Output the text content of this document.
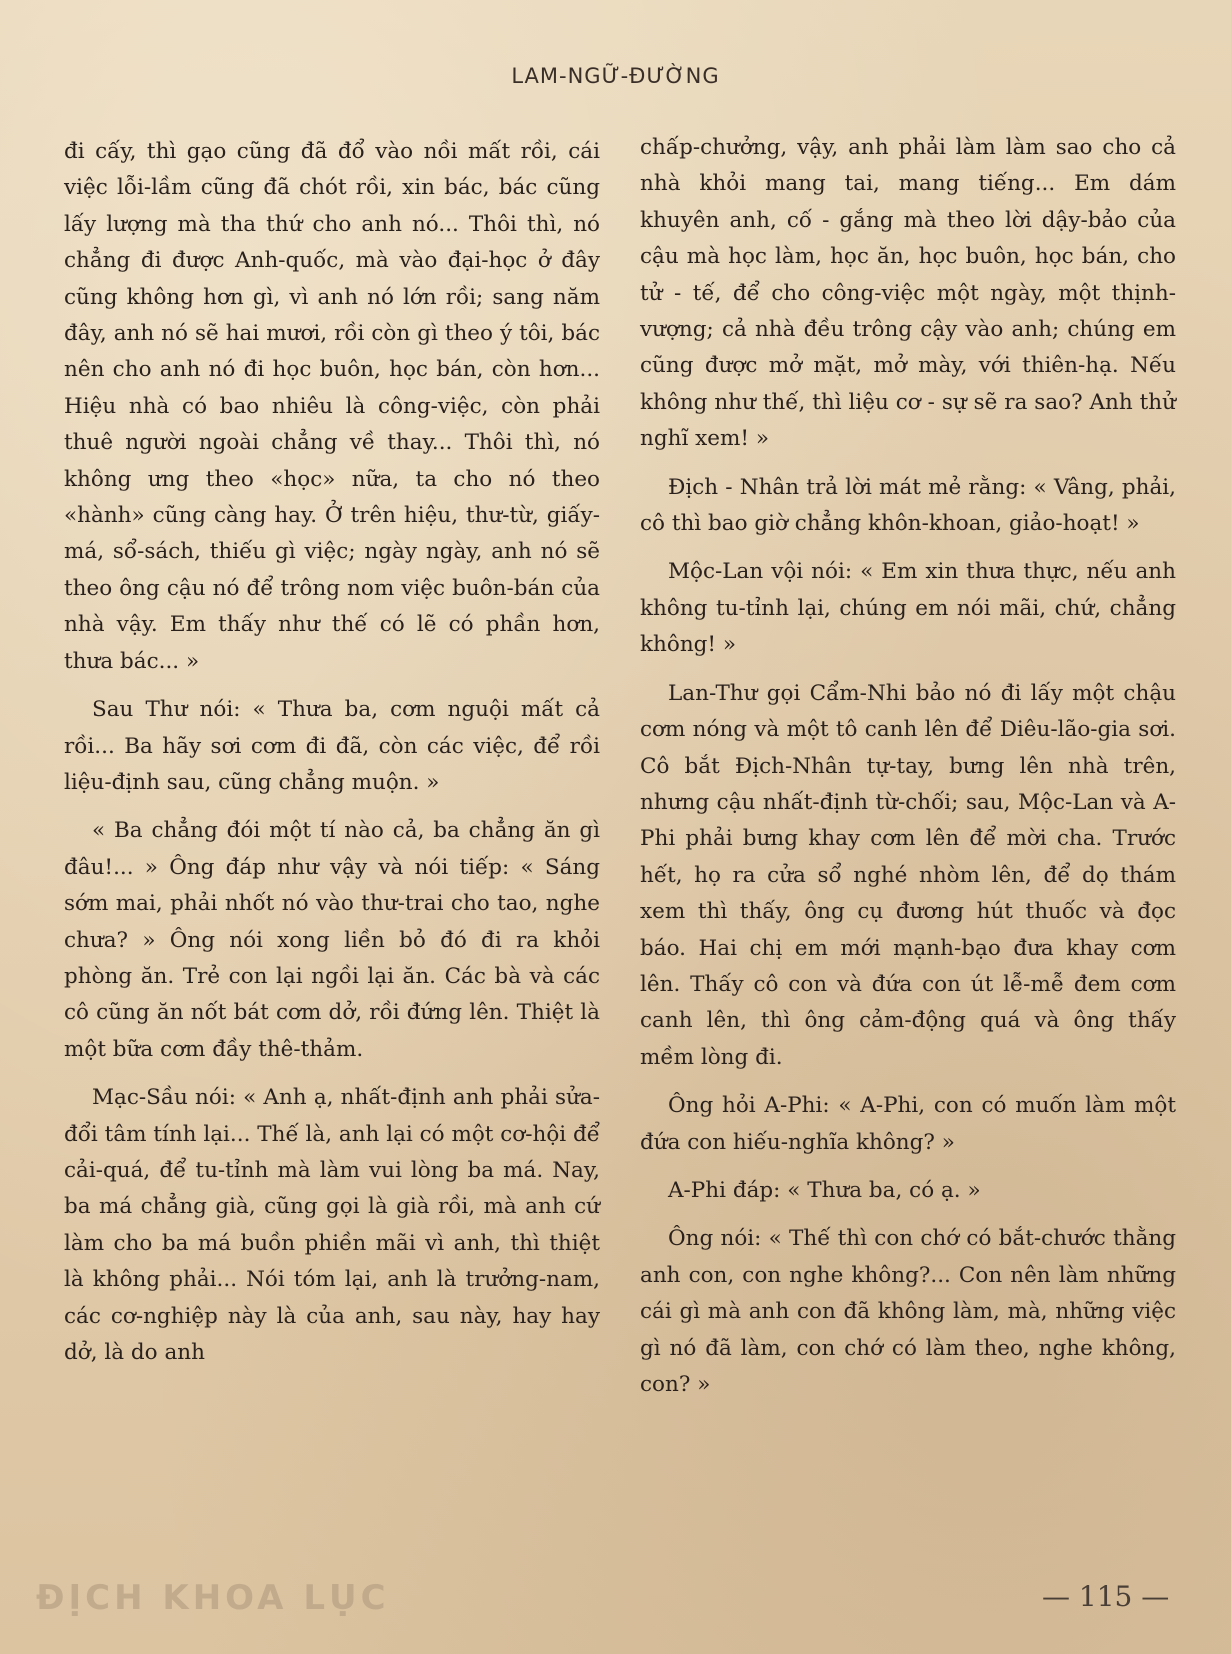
LAM-NGỮ-ĐƯỜNG

đi cấy, thì gạo cũng đã đổ vào nồi mất rồi, cái việc lỗi-lầm cũng đã chót rồi, xin bác, bác cũng lấy lượng mà tha thứ cho anh nó... Thôi thì, nó chẳng đi được Anh-quốc, mà vào đại-học ở đây cũng không hơn gì, vì anh nó lớn rồi; sang năm đây, anh nó sẽ hai mươi, rồi còn gì theo ý tôi, bác nên cho anh nó đi học buôn, học bán, còn hơn... Hiệu nhà có bao nhiêu là công-việc, còn phải thuê người ngoài chẳng về thay... Thôi thì, nó không ưng theo «học» nữa, ta cho nó theo «hành» cũng càng hay. Ở trên hiệu, thư-từ, giấy-má, sổ-sách, thiếu gì việc; ngày ngày, anh nó sẽ theo ông cậu nó để trông nom việc buôn-bán của nhà vậy. Em thấy như thế có lẽ có phần hơn, thưa bác... »

Sau Thư nói: « Thưa ba, cơm nguội mất cả rồi... Ba hãy sơi cơm đi đã, còn các việc, để rồi liệu-định sau, cũng chẳng muộn. »

« Ba chẳng đói một tí nào cả, ba chẳng ăn gì đâu!... » Ông đáp như vậy và nói tiếp: « Sáng sớm mai, phải nhốt nó vào thư-trai cho tao, nghe chưa? » Ông nói xong liền bỏ đó đi ra khỏi phòng ăn. Trẻ con lại ngồi lại ăn. Các bà và các cô cũng ăn nốt bát cơm dở, rồi đứng lên. Thiệt là một bữa cơm đầy thê-thảm.

Mạc-Sầu nói: « Anh ạ, nhất-định anh phải sửa-đổi tâm tính lại... Thế là, anh lại có một cơ-hội để cải-quá, để tu-tỉnh mà làm vui lòng ba má. Nay, ba má chẳng già, cũng gọi là già rồi, mà anh cứ làm cho ba má buồn phiền mãi vì anh, thì thiệt là không phải... Nói tóm lại, anh là trưởng-nam, các cơ-nghiệp này là của anh, sau này, hay hay dở, là do anh

chấp-chưởng, vậy, anh phải làm làm sao cho cả nhà khỏi mang tai, mang tiếng... Em dám khuyên anh, cố - gắng mà theo lời dậy-bảo của cậu mà học làm, học ăn, học buôn, học bán, cho tử - tế, để cho công-việc một ngày, một thịnh-vượng; cả nhà đều trông cậy vào anh; chúng em cũng được mở mặt, mở mày, với thiên-hạ. Nếu không như thế, thì liệu cơ - sự sẽ ra sao? Anh thử nghĩ xem! »

Địch - Nhân trả lời mát mẻ rằng: « Vâng, phải, cô thì bao giờ chẳng khôn-khoan, giảo-hoạt! »

Mộc-Lan vội nói: « Em xin thưa thực, nếu anh không tu-tỉnh lại, chúng em nói mãi, chứ, chẳng không! »

Lan-Thư gọi Cẩm-Nhi bảo nó đi lấy một chậu cơm nóng và một tô canh lên để Diêu-lão-gia sơi. Cô bắt Địch-Nhân tự-tay, bưng lên nhà trên, nhưng cậu nhất-định từ-chối; sau, Mộc-Lan và A-Phi phải bưng khay cơm lên để mời cha. Trước hết, họ ra cửa sổ nghé nhòm lên, để dọ thám xem thì thấy, ông cụ đương hút thuốc và đọc báo. Hai chị em mới mạnh-bạo đưa khay cơm lên. Thấy cô con và đứa con út lễ-mễ đem cơm canh lên, thì ông cảm-động quá và ông thấy mềm lòng đi.

Ông hỏi A-Phi: « A-Phi, con có muốn làm một đứa con hiếu-nghĩa không? »

A-Phi đáp: « Thưa ba, có ạ. »

Ông nói: « Thế thì con chớ có bắt-chước thằng anh con, con nghe không?... Con nên làm những cái gì mà anh con đã không làm, mà, những việc gì nó đã làm, con chớ có làm theo, nghe không, con? »

ĐỊCH KHOA LỤC	— 115 —
